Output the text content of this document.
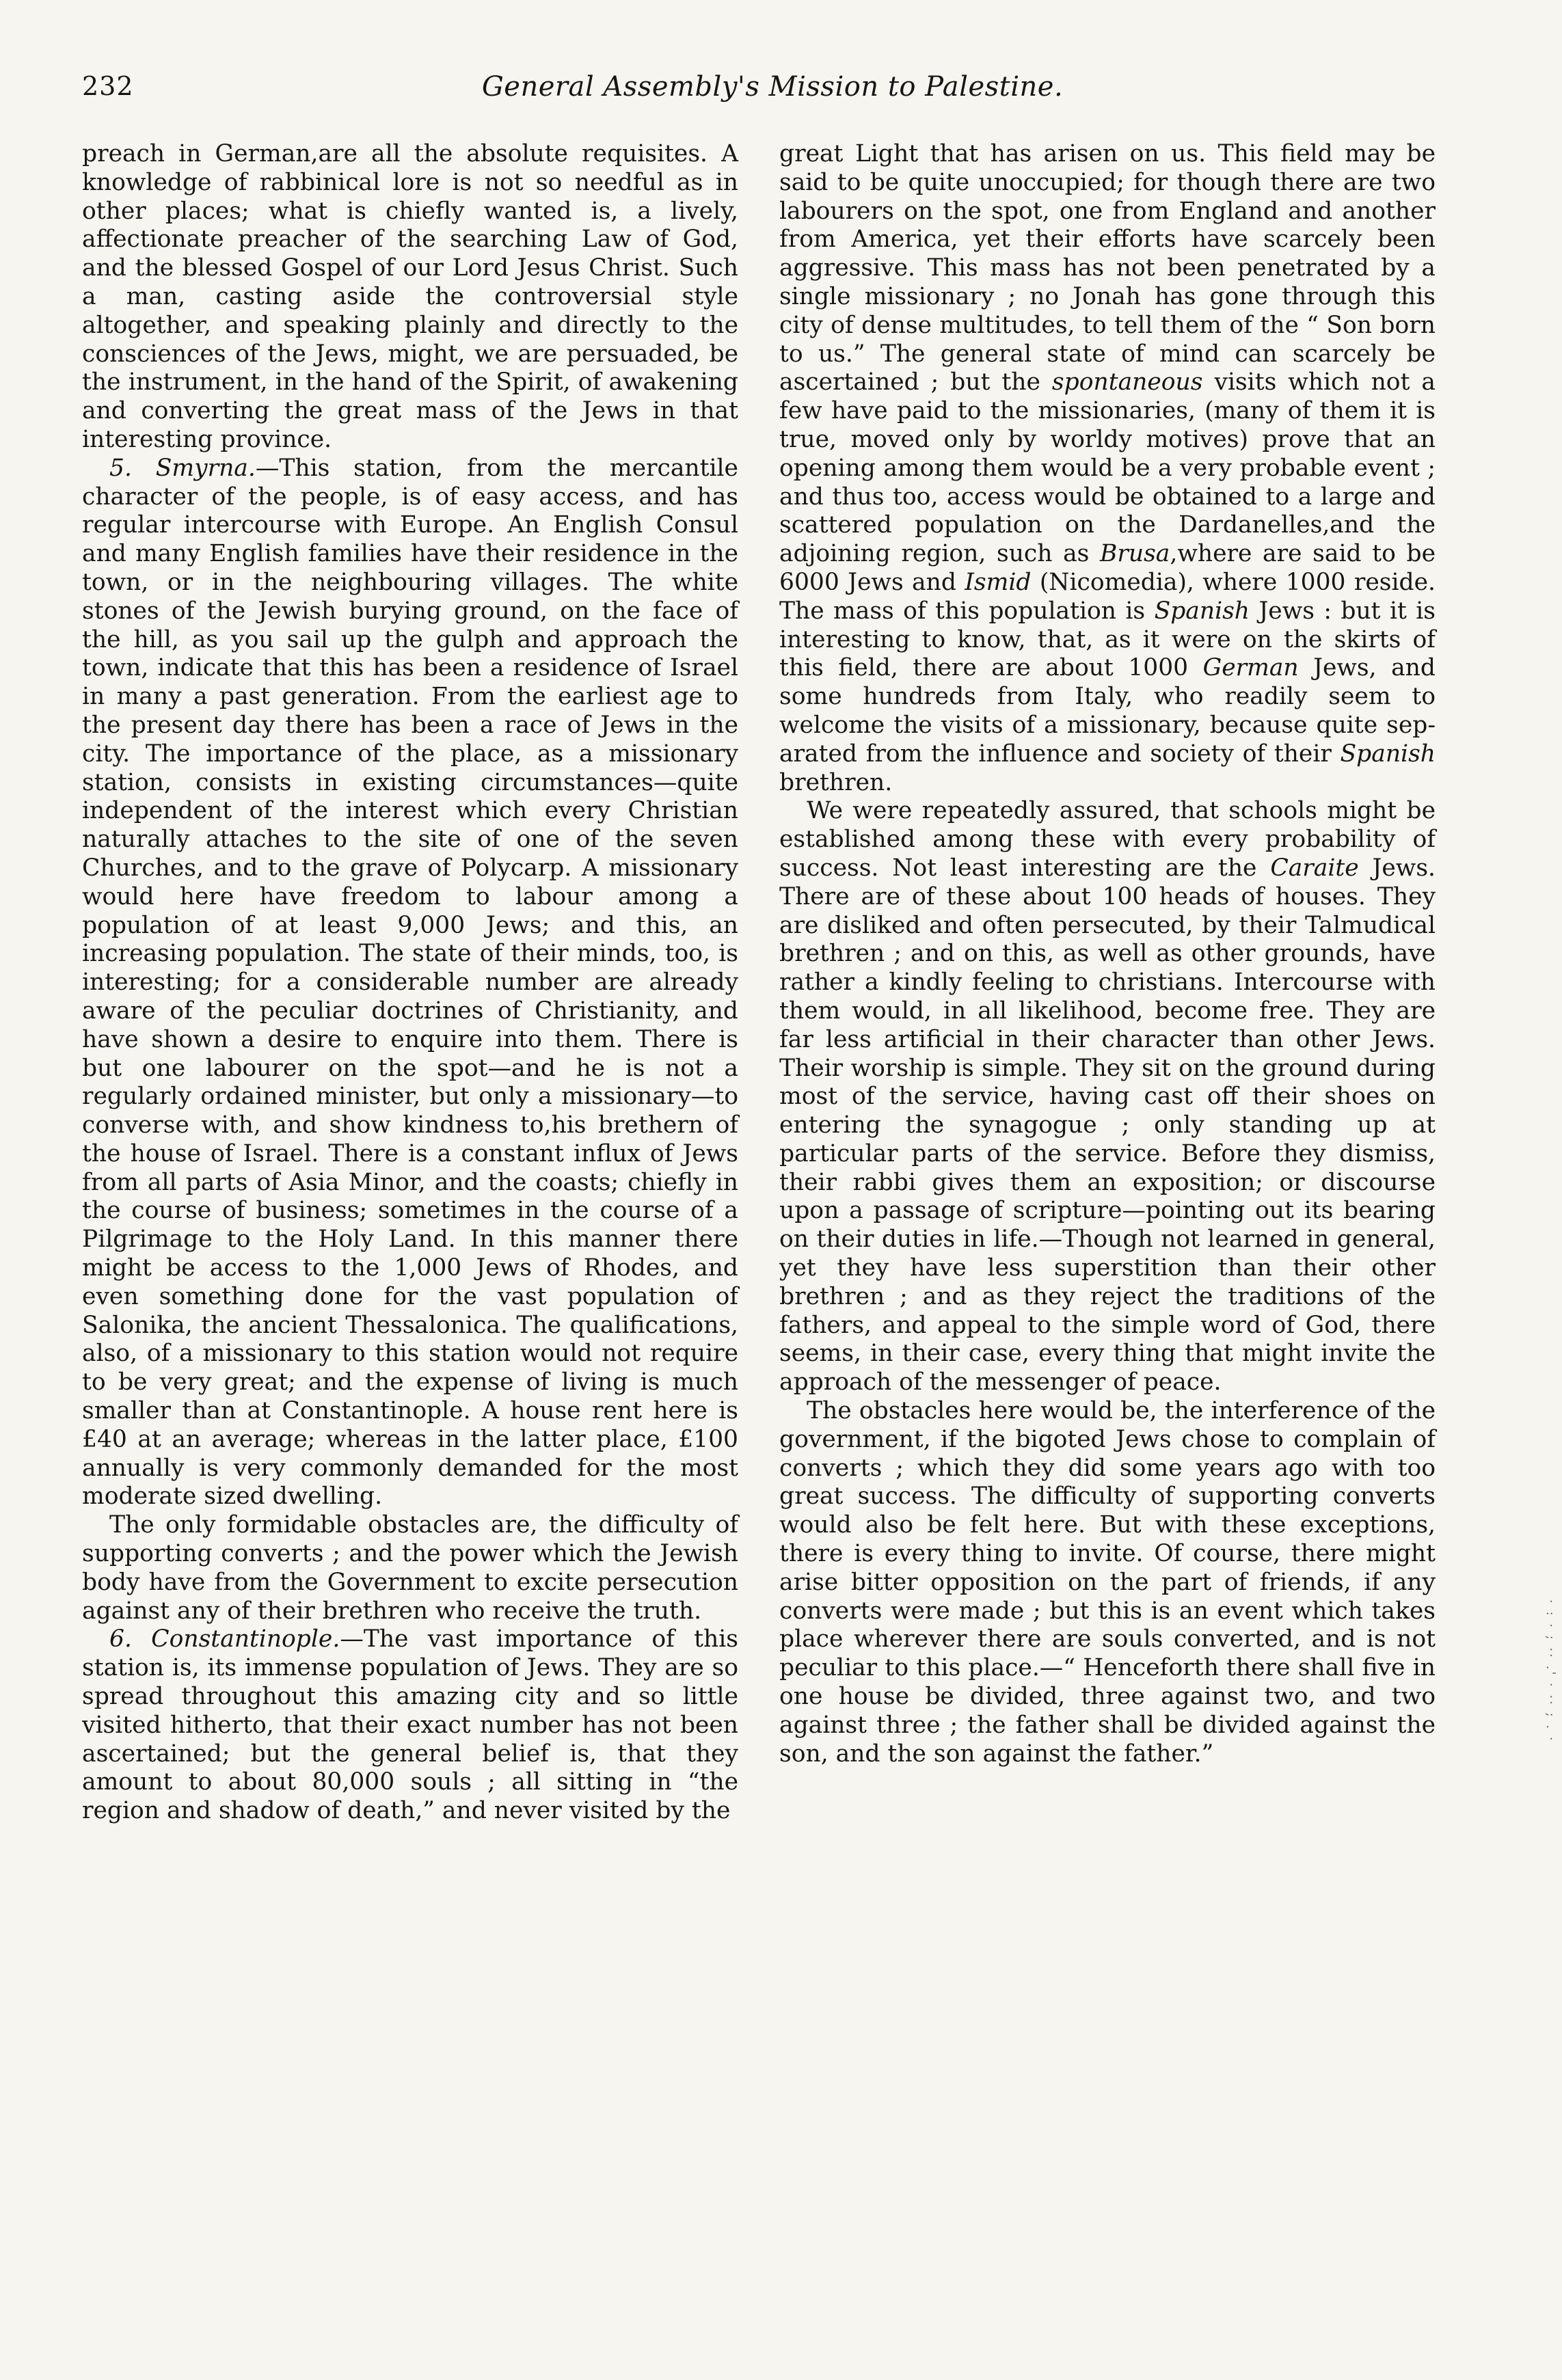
232	General Assembly's Mission to Palestine.

preach in German,are all the absolute requisites. A knowledge of rabbinical lore is not so needful as in other places; what is chiefly wanted is, a lively, affectionate preacher of the searching Law of God, and the blessed Gospel of our Lord Jesus Christ. Such a man, casting aside the controversial style altogether, and speaking plainly and directly to the consciences of the Jews, might, we are persuaded, be the instrument, in the hand of the Spirit, of awakening and converting the great mass of the Jews in that interesting province.

5. Smyrna.—This station, from the mercantile character of the people, is of easy access, and has regular intercourse with Europe. An English Consul and many English families have their residence in the town, or in the neighbouring villages. The white stones of the Jewish burying ground, on the face of the hill, as you sail up the gulph and approach the town, indicate that this has been a residence of Israel in many a past generation. From the earliest age to the present day there has been a race of Jews in the city. The importance of the place, as a missionary station, consists in existing circumstances—quite independent of the interest which every Christian naturally attaches to the site of one of the seven Churches, and to the grave of Polycarp. A missionary would here have freedom to labour among a population of at least 9,000 Jews; and this, an increasing population. The state of their minds, too, is interesting; for a considerable number are already aware of the peculiar doctrines of Christianity, and have shown a desire to enquire into them. There is but one labourer on the spot—and he is not a regularly ordained minister, but only a missionary—to converse with, and show kindness to,his brethern of the house of Israel. There is a constant influx of Jews from all parts of Asia Minor, and the coasts; chiefly in the course of business; sometimes in the course of a Pilgrimage to the Holy Land. In this manner there might be access to the 1,000 Jews of Rhodes, and even something done for the vast population of Salonika, the ancient Thessalonica. The qualifications, also, of a missionary to this station would not require to be very great; and the expense of living is much smaller than at Constantinople. A house rent here is £40 at an average; whereas in the latter place, £100 annually is very commonly demanded for the most moderate sized dwelling.

The only formidable obstacles are, the difficulty of supporting converts ; and the power which the Jewish body have from the Government to excite persecution against any of their brethren who receive the truth.

6. Constantinople.—The vast importance of this station is, its immense population of Jews. They are so spread throughout this amazing city and so little visited hitherto, that their exact number has not been ascertained; but the general belief is, that they amount to about 80,000 souls ; all sitting in “the region and shadow of death,” and never visited by the

great Light that has arisen on us. This field may be said to be quite unoccupied; for though there are two labourers on the spot, one from England and another from America, yet their efforts have scarcely been aggressive. This mass has not been penetrated by a single missionary ; no Jonah has gone through this city of dense multitudes, to tell them of the “ Son born to us.” The general state of mind can scarcely be ascertained ; but the spontaneous visits which not a few have paid to the missionaries, (many of them it is true, moved only by worldy motives) prove that an opening among them would be a very probable event ; and thus too, access would be obtained to a large and scattered population on the Dardanelles,and the adjoining region, such as Brusa,where are said to be 6000 Jews and Ismid (Nicomedia), where 1000 reside. The mass of this population is Spanish Jews : but it is interesting to know, that, as it were on the skirts of this field, there are about 1000 German Jews, and some hundreds from Italy, who readily seem to welcome the visits of a missionary, because quite separated from the influence and society of their Spanish brethren.

We were repeatedly assured, that schools might be established among these with every probability of success. Not least interesting are the Caraite Jews. There are of these about 100 heads of houses. They are disliked and often persecuted, by their Talmudical brethren ; and on this, as well as other grounds, have rather a kindly feeling to christians. Intercourse with them would, in all likelihood, become free. They are far less artificial in their character than other Jews. Their worship is simple. They sit on the ground during most of the service, having cast off their shoes on entering the synagogue ; only standing up at particular parts of the service. Before they dismiss, their rabbi gives them an exposition; or discourse upon a passage of scripture—pointing out its bearing on their duties in life.—Though not learned in general, yet they have less superstition than their other brethren ; and as they reject the traditions of the fathers, and appeal to the simple word of God, there seems, in their case, every thing that might invite the approach of the messenger of peace.

The obstacles here would be, the interference of the government, if the bigoted Jews chose to complain of converts ; which they did some years ago with too great success. The difficulty of supporting converts would also be felt here. But with these exceptions, there is every thing to invite. Of course, there might arise bitter opposition on the part of friends, if any converts were made ; but this is an event which takes place wherever there are souls converted, and is not peculiar to this place.—“ Henceforth there shall five in one house be divided, three against two, and two against three ; the father shall be divided against the son, and the son against the father.”

· : · ; ·· .' · ·· ; . ·
